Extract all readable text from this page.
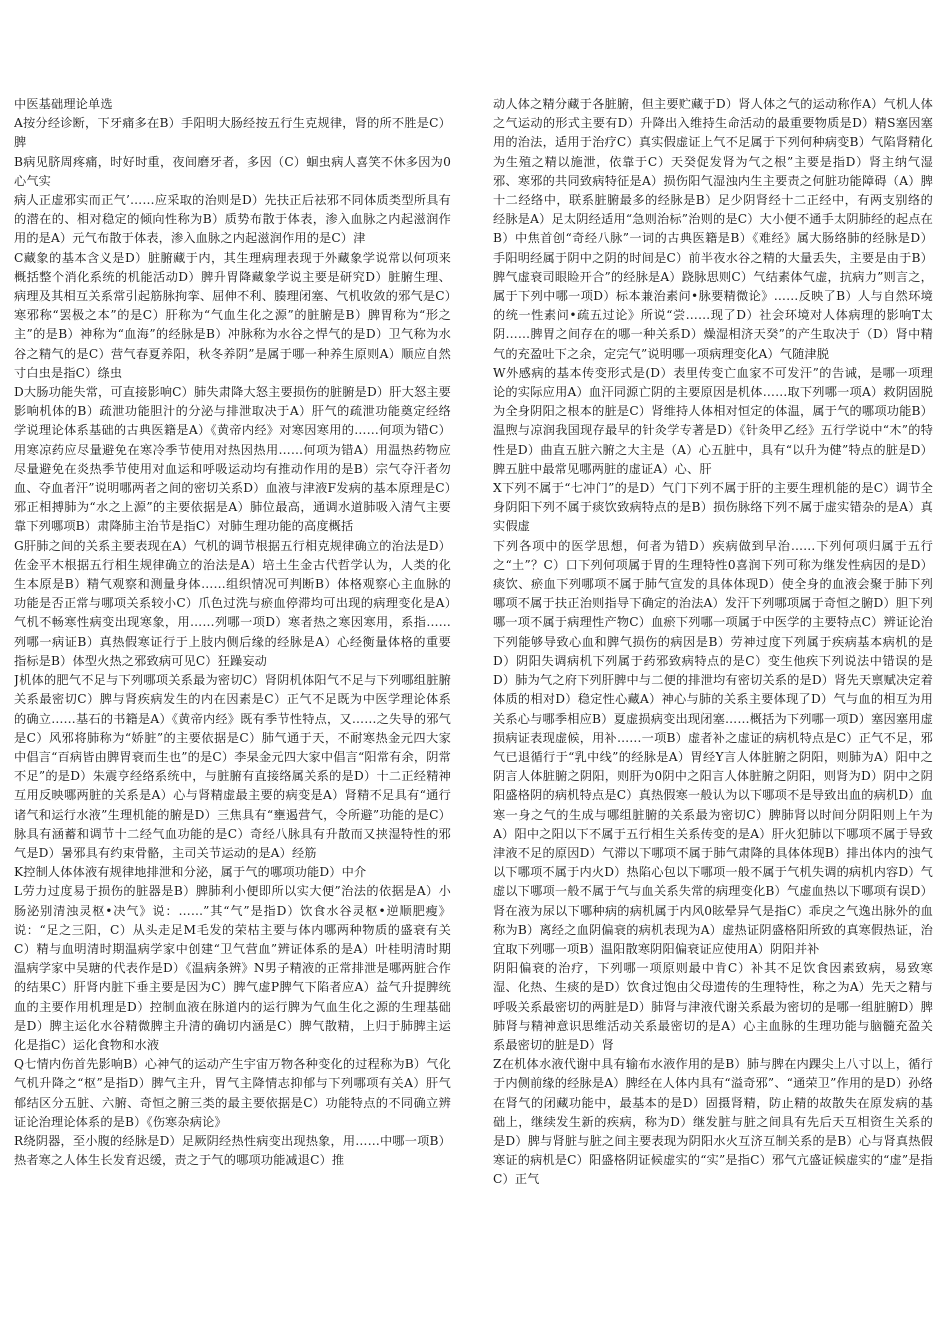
中医基础理论单选

A按分经诊断，下牙痛多在B）手阳明大肠经按五行生克规律，肾的所不胜是C）脾

B病见脐周疼痛，时好时重，夜间磨牙者，多因（C）蛔虫病人喜笑不休多因为0心气实

病人正虚邪实而正气’……应采取的治则是D）先扶正后祛邪不同体质类型所具有的潜在的、相对稳定的倾向性称为B）质势布散于体表，渗入血脉之内起滋润作用的是A）元气布散于体表，渗入血脉之内起滋润作用的是C）津

C藏象的基本含义是D）脏腑藏于内，其生理病理表现于外藏象学说常以何项来概括整个消化系统的机能活动D）脾升胃降藏象学说主要是研究D）脏腑生理、病理及其相互关系常引起筋脉拘挛、屈伸不利、腠理闭塞、气机收敛的邪气是C）寒邪称“罢极之本”的是C）肝称为“气血生化之源”的脏腑是B）脾胃称为“形之主”的是B）神称为“血海”的经脉是B）冲脉称为水谷之悍气的是D）卫气称为水谷之精气的是C）营气春夏养阳，秋冬养阴”是属于哪一种养生原则A）顺应自然寸白虫是指C）绦虫

D大肠功能失常，可直接影响C）肺失肃降大怒主要损伤的脏腑是D）肝大怒主要影响机体的B）疏泄功能胆汁的分泌与排泄取决于A）肝气的疏泄功能奠定经络学说理论体系基础的古典医籍是A）《黄帝内经》对寒因寒用的……何项为错C）用寒凉药应尽量避免在寒冷季节使用对热因热用……何项为错A）用温热药物应尽量避免在炎热季节使用对血运和呼吸运动均有推动作用的是B）宗气夺汗者勿血、夺血者汗”说明哪两者之间的密切关系D）血液与津液F发病的基本原理是C）邪正相搏肺为“水之上源”的主要依据是A）肺位最高，通调水道肺吸入清气主要靠下列哪项B）肃降肺主治节是指C）对肺生理功能的高度概括

G肝肺之间的关系主要表现在A）气机的调节根据五行相克规律确立的治法是D）佐金平木根据五行相生规律确立的治法是A）培土生金古代哲学认为，人类的化生本原是B）精气观察和测量身体……组织情况可判断B）体格观察心主血脉的功能是否正常与哪项关系较小C）爪色过洗与瘀血停滞均可出现的病理变化是A）气机不畅寒性病变出现寒象，用……列哪一项D）寒者热之寒因寒用，系指……列哪一病证B）真热假寒证行于上肢内侧后缘的经脉是A）心经衡量体格的重要指标是B）体型火热之邪致病可见C）狂躁妄动

J机体的肥气不足与下列哪项关系最为密切C）肾阴机体阳气不足与下列哪组脏腑关系最密切C）脾与肾疾病发生的内在因素是C）正气不足既为中医学理论体系的确立……基石的书籍是A）《黄帝内经》既有季节性特点，又……之失导的邪气是C）风邪将肺称为“娇脏”的主要依据是C）肺气通于天，不耐寒热金元四大家中倡言“百病皆由脾胃衰而生也”的是C）李杲金元四大家中倡言“阳常有余，阴常不足”的是D）朱震亨经络系统中，与脏腑有直接络属关系的是D）十二正经精神互用反映哪两脏的关系是A）心与肾精虚最主要的病变是A）肾精不足具有“通行诸气和运行水液”生理机能的腑是D）三焦具有“壅遏营气，令所避”功能的是C）脉具有涵蓄和调节十二经气血功能的是C）奇经八脉具有升散而又挟湿特性的邪气是D）暑邪具有约束骨骼，主司关节运动的是A）经筋

K控制人体体液有规律地排泄和分泌，属于气的哪项功能D）中介

L劳力过度易于损伤的脏器是B）脾肺利小便即所以实大便”治法的依据是A）小肠泌别清浊灵枢•决气》说：……”其“气”是指D）饮食水谷灵枢•逆顺肥瘦》说：“足之三阳，C）从头走足M毛发的荣枯主要与体内哪两种物质的盛衰有关C）精与血明清时期温病学家中创建“卫气营血”辨证体系的是A）叶桂明清时期温病学家中吴瑭的代表作是D）《温病条辨》N男子精液的正常排泄是哪两脏合作的结果C）肝肾内脏下垂主要是因为C）脾气虚P脾气下陷者应A）益气升提脾统血的主要作用机理是D）控制血液在脉道内的运行脾为气血生化之源的生理基础是D）脾主运化水谷精微脾主升清的确切内涵是C）脾气散精，上归于肺脾主运化是指C）运化食物和水液

Q七情内伤首先影响B）心神气的运动产生宇宙万物各种变化的过程称为B）气化气机升降之“枢”是指D）脾气主升，胃气主降情志抑郁与下列哪项有关A）肝气郁结区分五脏、六腑、奇恒之腑三类的最主要依据是C）功能特点的不同确立辨证论治理论体系的是B）《伤寒杂病论》

R绕阴器，至小腹的经脉是D）足厥阴经热性病变出现热象，用……中哪一项B）热者寒之人体生长发育迟缓，责之于气的哪项功能减退C）推

动人体之精分藏于各脏腑，但主要贮藏于D）肾人体之气的运动称作A）气机人体之气运动的形式主要有D）升降出入维持生命活动的最重要物质是D）精S塞因塞用的治法，适用于治疗C）真实假虚证上气不足属于下列何种病变B）气陷肾精化为生殖之精以施泄，依靠于C）天癸促发肾为气之根”主要是指D）肾主纳气湿邪、寒邪的共同致病特征是A）损伤阳气湿浊内生主要责之何脏功能障碍（A）脾十二经络中，联系脏腑最多的经脉是B）足少阴肾经十二正经中，有两支别络的经脉是A）足太阴经适用“急则治标”治则的是C）大小便不通手太阴肺经的起点在B）中焦首创“奇经八脉”一词的古典医籍是B）《难经》属大肠络肺的经脉是D）手阳明经属于阴中之阴的时间是C）前半夜水谷之精的大量丢失，主要是由于B）脾气虚衰司眼睑开合”的经脉是A）跷脉思则C）气结素体气虚，抗病力”则言之，属于下列中哪一项D）标本兼治素问•脉要精微论》……反映了B）人与自然环境的统一性素问•疏五过论》所说“尝……现了D）社会环境对人体病理的影响T太阴……脾胃之间存在的哪一种关系D）燥湿相济天癸”的产生取决于（D）肾中精气的充盈吐下之余，定完气”说明哪一项病理变化A）气随津脱

W外感病的基本传变形式是(D）表里传变亡血家不可发汗”的告诫，是哪一项理论的实际应用A）血汗同源亡阴的主要原因是机体……取下列哪一项A）救阴固脱为全身阴阳之根本的脏是C）肾维持人体相对恒定的体温，属于气的哪项功能B）温煦与凉润我国现存最早的针灸学专著是D）《针灸甲乙经》五行学说中“木”的特性是D）曲直五脏六腑之大主是（A）心五脏中，具有“以升为健”特点的脏是D）脾五脏中最常见哪两脏的虚证A）心、肝

X下列不属于“七冲门”的是D）气门下列不属于肝的主要生理机能的是C）调节全身阴阳下列不属于痰饮致病特点的是B）损伤脉络下列不属于虚实错杂的是A）真实假虚

下列各项中的医学思想，何者为错D）疾病做到早治……下列何项归属于五行之“土”？C）口下列何项属于胃的生理特性0喜润下列可称为继发性病因的是D）痰饮、瘀血下列哪项不属于肺气宣发的具体体现D）使全身的血液会聚于肺下列哪项不属于扶正治则指导下确定的治法A）发汗下列哪项属于奇恒之腑D）胆下列哪一项不属于病理性产物C）血瘀下列哪一项属于中医学的主要特点C）辨证论治下列能够导致心血和脾气损伤的病因是B）劳神过度下列属于疾病基本病机的是D）阴阳失调病机下列属于药邪致病特点的是C）变生他疾下列说法中错误的是D）肺为气之府下列肝脾中与二便的排泄均有密切关系的是D）肾先天禀赋决定着体质的相对D）稳定性心藏A）神心与肺的关系主要体现了D）气与血的相互为用关系心与哪季相应B）夏虚损病变出现闭塞……概括为下列哪一项D）塞因塞用虚损病证表现虚候，用补……一项B）虚者补之虚证的病机特点是C）正气不足，邪气已退循行于“乳中线”的经脉是A）胃经Y言人体脏腑之阴阳，则肺为A）阳中之阴言人体脏腑之阴阳，则肝为0阴中之阳言人体脏腑之阴阳，则肾为D）阴中之阴阳盛格阴的病机特点是C）真热假寒一般认为以下哪项不是导致出血的病机D）血寒一身之气的生成与哪组脏腑的关系最为密切C）脾肺肾以时间分阴阳则上午为A）阳中之阳以下不属于五行相生关系传变的是A）肝火犯肺以下哪项不属于导致津液不足的原因D）气滞以下哪项不属于肺气肃降的具体体现B）排出体内的浊气以下哪项不属于内火D）热陷心包以下哪项一般不属于气机失调的病机内容D）气虚以下哪项一般不属于气与血关系失常的病理变化B）气虚血热以下哪项有误D）肾在液为尿以下哪种病的病机属于内风0眩晕异气是指C）乖戾之气逸出脉外的血称为B）离经之血阴偏衰的病机表现为A）虚热证阴盛格阳所致的真寒假热证，治宜取下列哪一项B）温阳散寒阴阳偏衰证应使用A）阴阳并补

阴阳偏衰的治疗，下列哪一项原则最中肯C）补其不足饮食因素致病，易致寒湿、化热、生痰的是D）饮食过饱由父母遗传的生理特性，称之为A）先天之精与呼吸关系最密切的两脏是D）肺肾与津液代谢关系最为密切的是哪一组脏腑D）脾肺肾与精神意识思维活动关系最密切的是A）心主血脉的生理功能与脑髓充盈关系最密切的脏是D）肾

Z在机体水液代谢中具有输布水液作用的是B）肺与脾在内踝尖上八寸以上，循行于内侧前缘的经脉是A）脾经在人体内具有“溢奇邪”、“通荣卫”作用的是D）孙络在肾气的闭藏功能中，最基本的是D）固摄肾精，防止精的故散失在原发病的基础上，继续发生新的疾病，称为D）继发脏与脏之间具有先后天互相资生关系的是D）脾与肾脏与脏之间主要表现为阴阳水火互济互制关系的是B）心与肾真热假寒证的病机是C）阳盛格阴证候虚实的“实”是指C）邪气亢盛证候虚实的“虚”是指C）正气
